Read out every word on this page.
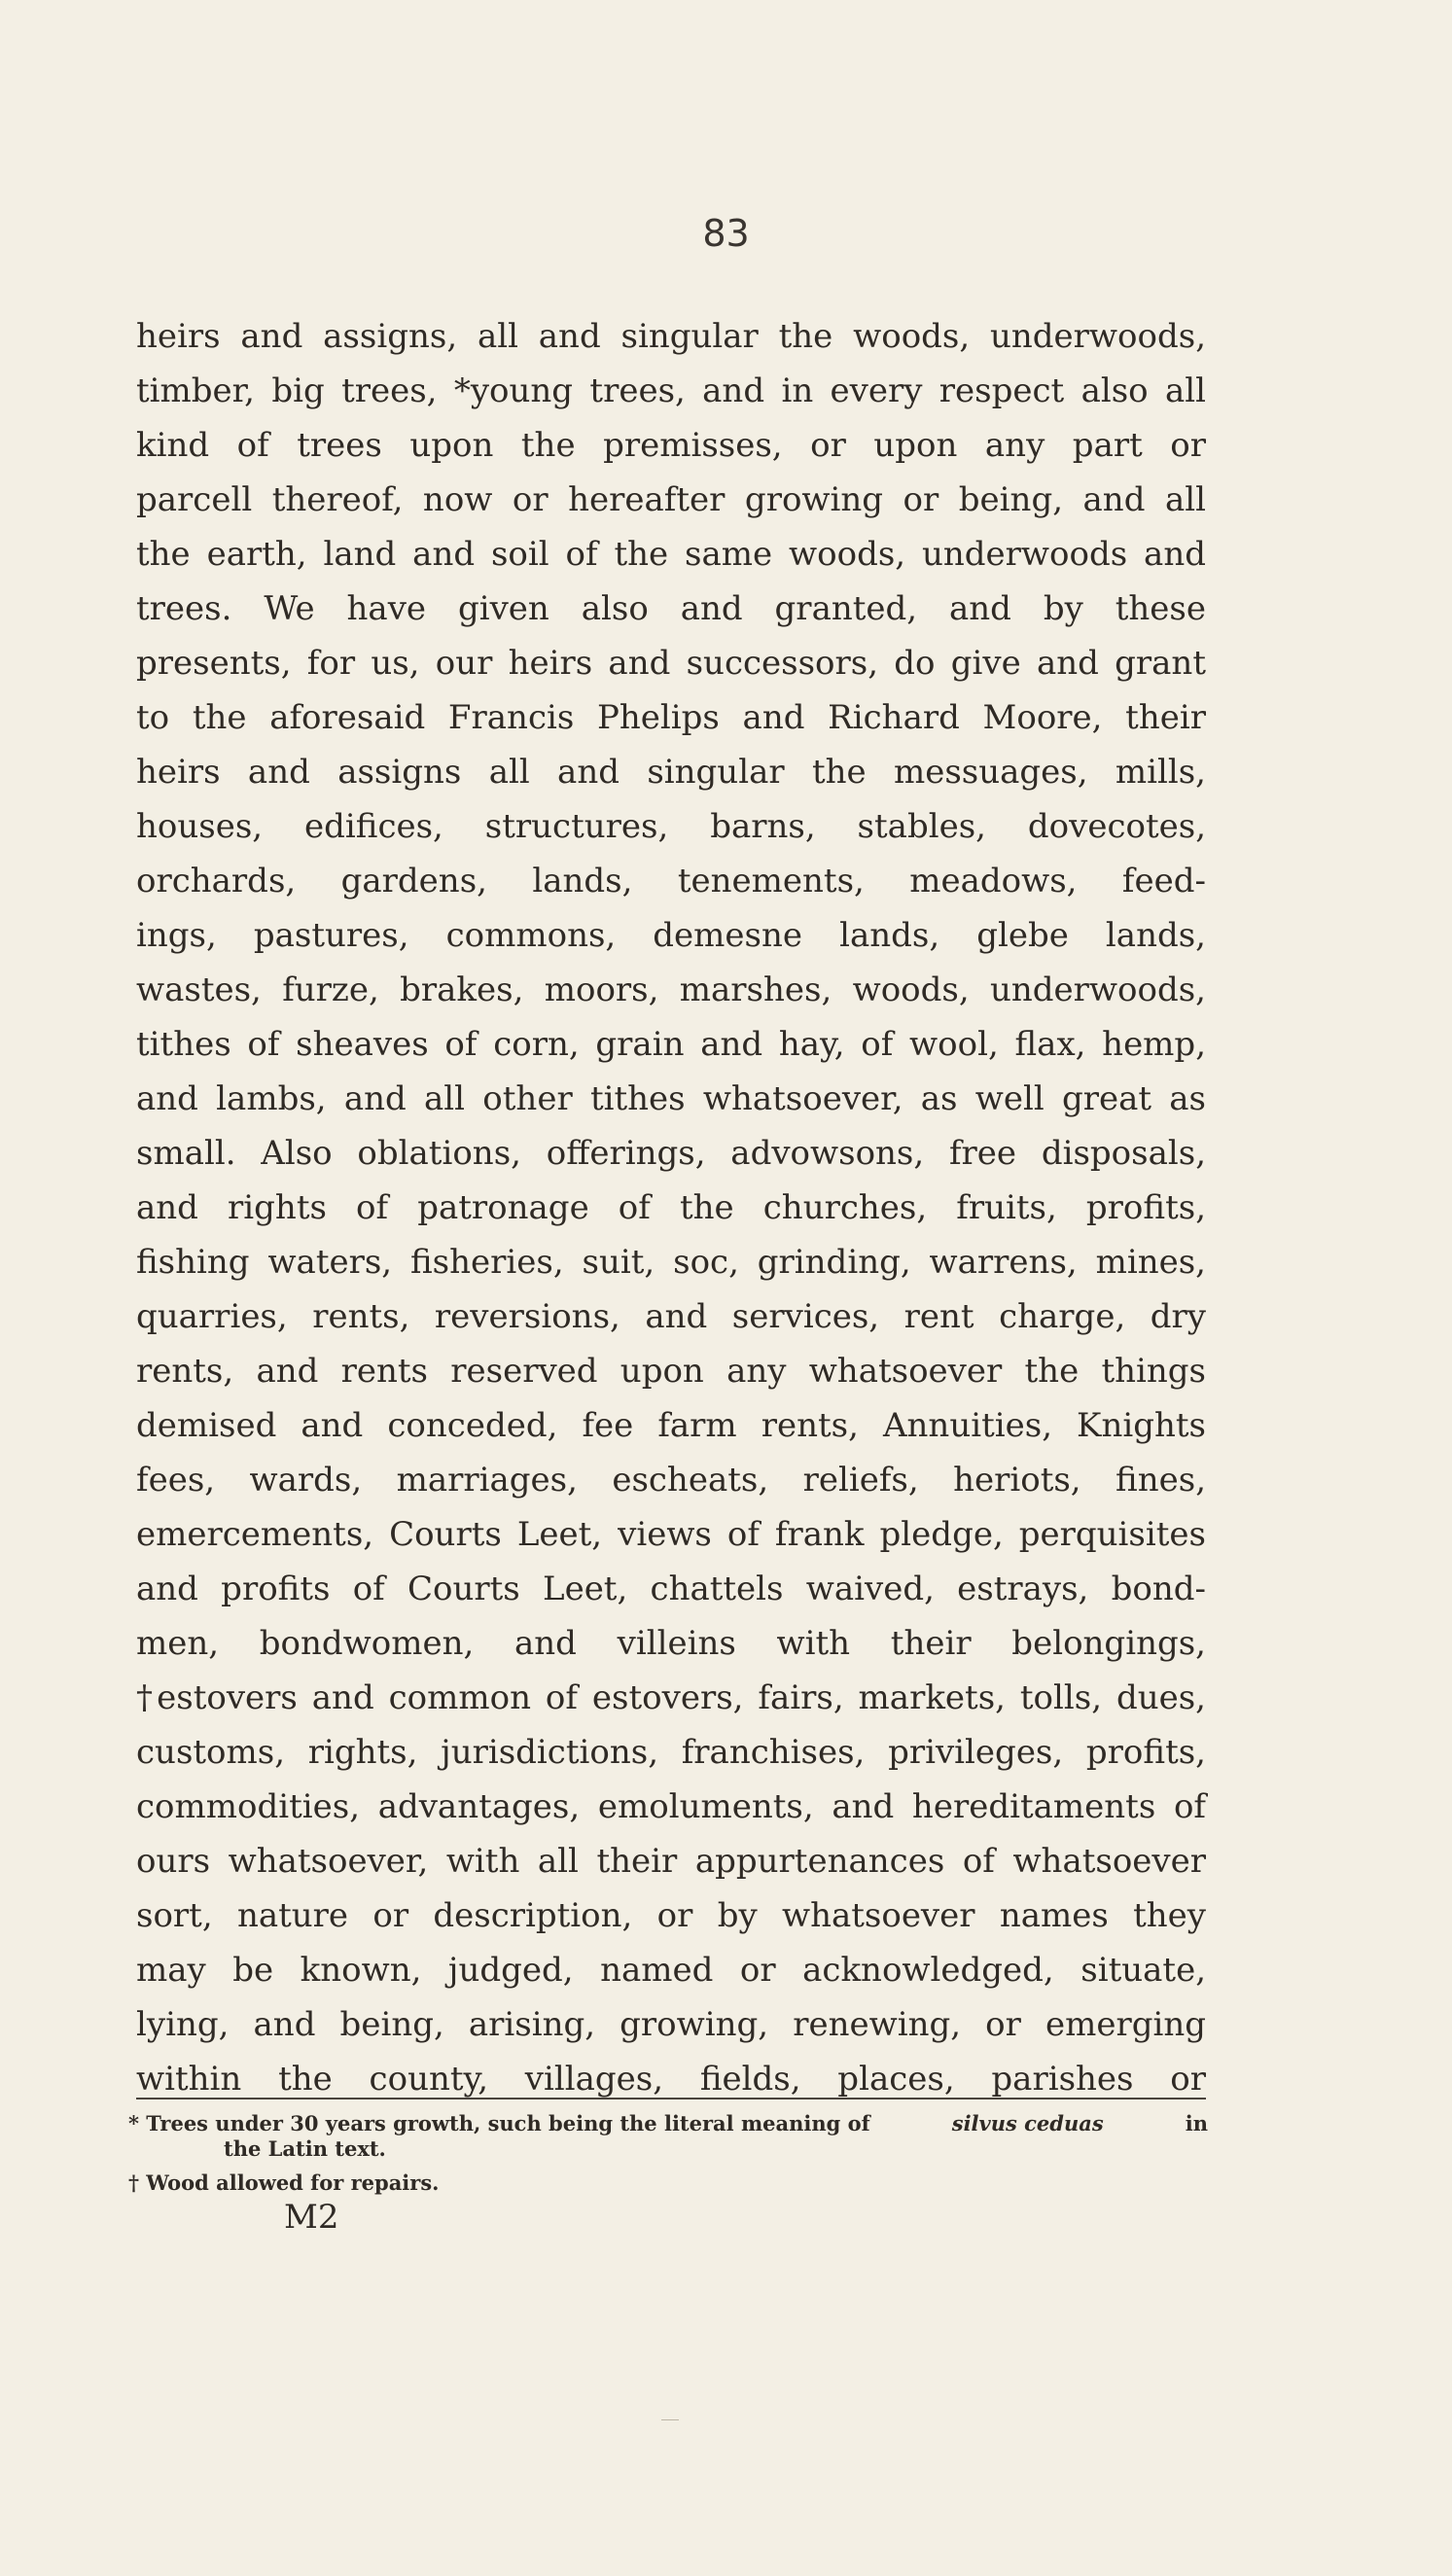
83
heirs and assigns, all and singular the woods, underwoods,
timber, big trees, *young trees, and in every respect also all
kind of trees upon the premisses, or upon any part or
parcell thereof, now or hereafter growing or being, and all
the earth, land and soil of the same woods, underwoods and
trees. We have given also and granted, and by these
presents, for us, our heirs and successors, do give and grant
to the aforesaid Francis Phelips and Richard Moore, their
heirs and assigns all and singular the messuages, mills,
houses, edifices, structures, barns, stables, dovecotes,
orchards, gardens, lands, tenements, meadows, feed-
ings, pastures, commons, demesne lands, glebe lands,
wastes, furze, brakes, moors, marshes, woods, underwoods,
tithes of sheaves of corn, grain and hay, of wool, flax, hemp,
and lambs, and all other tithes whatsoever, as well great as
small. Also oblations, offerings, advowsons, free disposals,
and rights of patronage of the churches, fruits, profits,
fishing waters, fisheries, suit, soc, grinding, warrens, mines,
quarries, rents, reversions, and services, rent charge, dry
rents, and rents reserved upon any whatsoever the things
demised and conceded, fee farm rents, Annuities, Knights
fees, wards, marriages, escheats, reliefs, heriots, fines,
emercements, Courts Leet, views of frank pledge, perquisites
and profits of Courts Leet, chattels waived, estrays, bond-
men, bondwomen, and villeins with their belongings,
†estovers and common of estovers, fairs, markets, tolls, dues,
customs, rights, jurisdictions, franchises, privileges, profits,
commodities, advantages, emoluments, and hereditaments of
ours whatsoever, with all their appurtenances of whatsoever
sort, nature or description, or by whatsoever names they
may be known, judged, named or acknowledged, situate,
lying, and being, arising, growing, renewing, or emerging
within the county, villages, fields, places, parishes or
* Trees under 30 years growth, such being the literal meaning of	silvus ceduas	in
the Latin text.
† Wood allowed for repairs.
M2
